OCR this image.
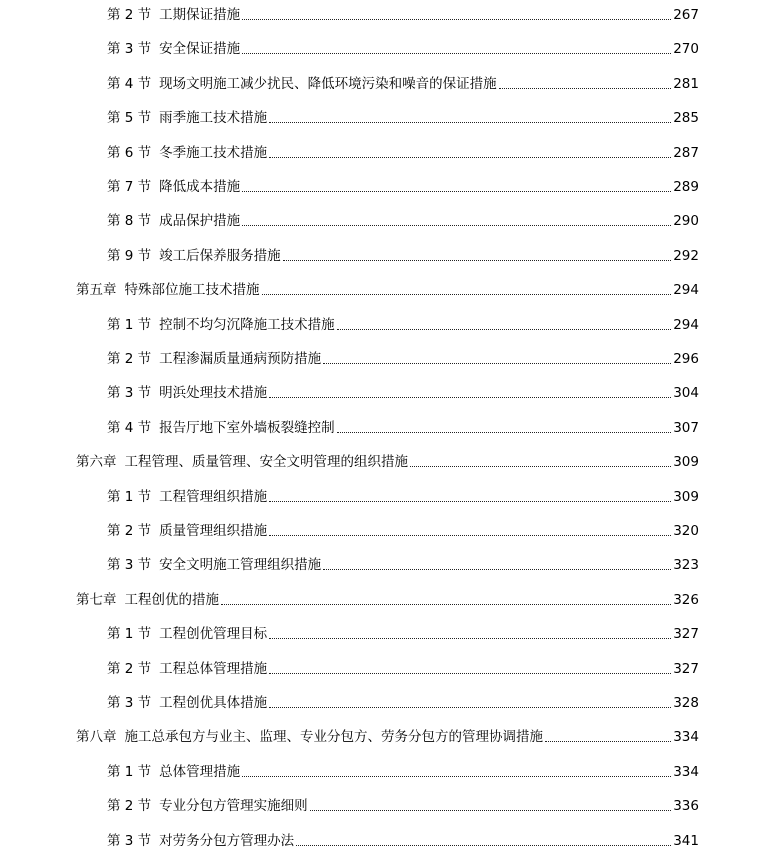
第 2 节 工期保证措施	267
第 3 节 安全保证措施	270
第 4 节 现场文明施工减少扰民、降低环境污染和噪音的保证措施	281
第 5 节 雨季施工技术措施	285
第 6 节 冬季施工技术措施	287
第 7 节 降低成本措施	289
第 8 节 成品保护措施	290
第 9 节 竣工后保养服务措施	292
第五章 特殊部位施工技术措施	294
第 1 节 控制不均匀沉降施工技术措施	294
第 2 节 工程渗漏质量通病预防措施	296
第 3 节 明浜处理技术措施	304
第 4 节 报告厅地下室外墙板裂缝控制	307
第六章 工程管理、质量管理、安全文明管理的组织措施	309
第 1 节 工程管理组织措施	309
第 2 节 质量管理组织措施	320
第 3 节 安全文明施工管理组织措施	323
第七章 工程创优的措施	326
第 1 节 工程创优管理目标	327
第 2 节 工程总体管理措施	327
第 3 节 工程创优具体措施	328
第八章 施工总承包方与业主、监理、专业分包方、劳务分包方的管理协调措施	334
第 1 节 总体管理措施	334
第 2 节 专业分包方管理实施细则	336
第 3 节 对劳务分包方管理办法	341
